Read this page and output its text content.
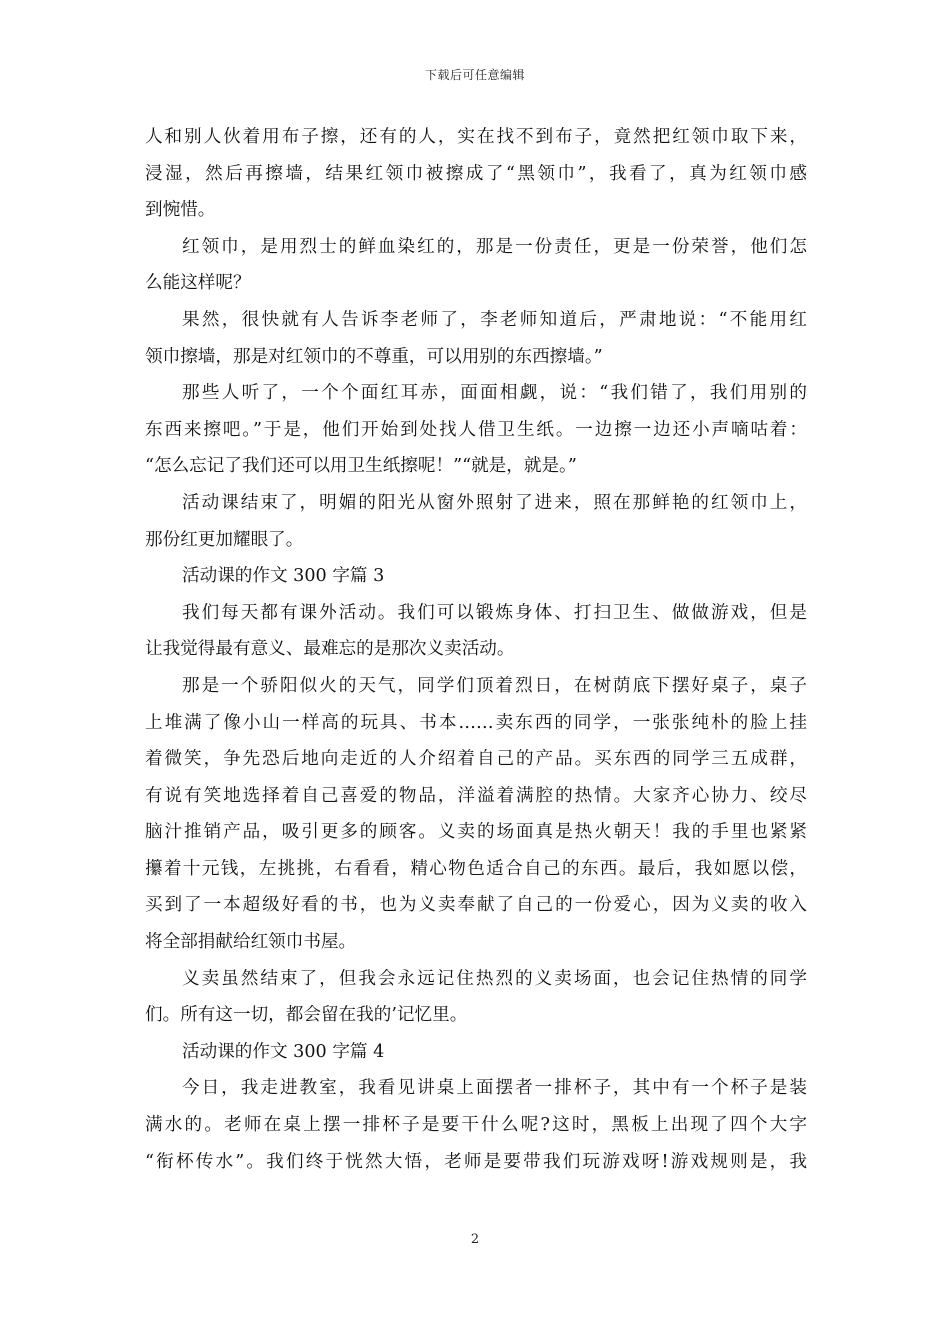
下载后可任意编辑
人和别人伙着用布子擦，还有的人，实在找不到布子，竟然把红领巾取下来，
浸湿，然后再擦墙，结果红领巾被擦成了“黑领巾”，我看了，真为红领巾感
到惋惜。
红领巾，是用烈士的鲜血染红的，那是一份责任，更是一份荣誉，他们怎
么能这样呢？
果然，很快就有人告诉李老师了，李老师知道后，严肃地说：“不能用红
领巾擦墙，那是对红领巾的不尊重，可以用别的东西擦墙。”
那些人听了，一个个面红耳赤，面面相觑，说：“我们错了，我们用别的
东西来擦吧。”于是，他们开始到处找人借卫生纸。一边擦一边还小声嘀咕着：
“怎么忘记了我们还可以用卫生纸擦呢！”“就是，就是。”
活动课结束了，明媚的阳光从窗外照射了进来，照在那鲜艳的红领巾上，
那份红更加耀眼了。
活动课的作文 300 字篇 3
我们每天都有课外活动。我们可以锻炼身体、打扫卫生、做做游戏，但是
让我觉得最有意义、最难忘的是那次义卖活动。
那是一个骄阳似火的天气，同学们顶着烈日，在树荫底下摆好桌子，桌子
上堆满了像小山一样高的玩具、书本……卖东西的同学，一张张纯朴的脸上挂
着微笑，争先恐后地向走近的人介绍着自己的产品。买东西的同学三五成群，
有说有笑地选择着自己喜爱的物品，洋溢着满腔的热情。大家齐心协力、绞尽
脑汁推销产品，吸引更多的顾客。义卖的场面真是热火朝天！我的手里也紧紧
攥着十元钱，左挑挑，右看看，精心物色适合自己的东西。最后，我如愿以偿，
买到了一本超级好看的书，也为义卖奉献了自己的一份爱心，因为义卖的收入
将全部捐献给红领巾书屋。
义卖虽然结束了，但我会永远记住热烈的义卖场面，也会记住热情的同学
们。所有这一切，都会留在我的’记忆里。
活动课的作文 300 字篇 4
今日，我走进教室，我看见讲桌上面摆者一排杯子，其中有一个杯子是装
满水的。老师在桌上摆一排杯子是要干什么呢?这时，黑板上出现了四个大字
“衔杯传水”。我们终于恍然大悟，老师是要带我们玩游戏呀!游戏规则是，我
2
